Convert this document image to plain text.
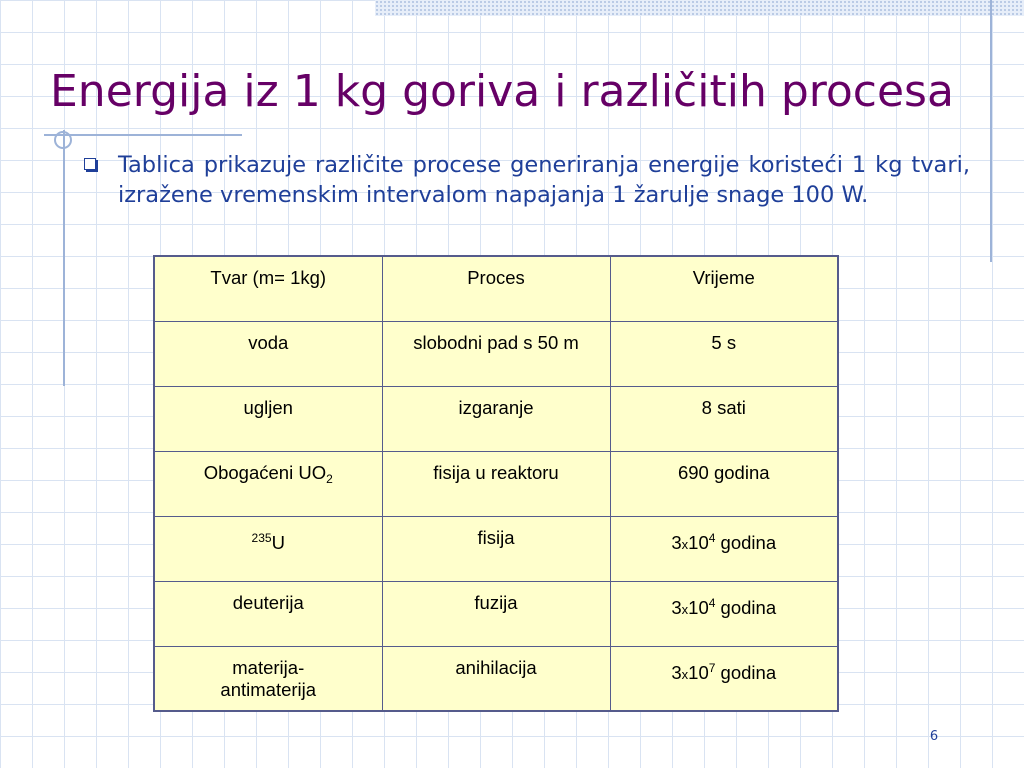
Energija iz 1 kg goriva i različitih procesa

Tablica prikazuje različite procese generiranja energije koristeći 1 kg tvari, izražene vremenskim intervalom napajanja 1 žarulje snage 100 W.

Tvar (m= 1kg)	Proces	Vrijeme
voda	slobodni pad s 50 m	5 s
ugljen	izgaranje	8 sati
Obogaćeni $UO_2$	fisija u reaktoru	690 godina
$^{235}$U	fisija	$3x10^4$ godina
deuterija	fuzija	$3x10^4$ godina
materija-
antimaterija	anihilacija	$3x10^7$ godina
6
